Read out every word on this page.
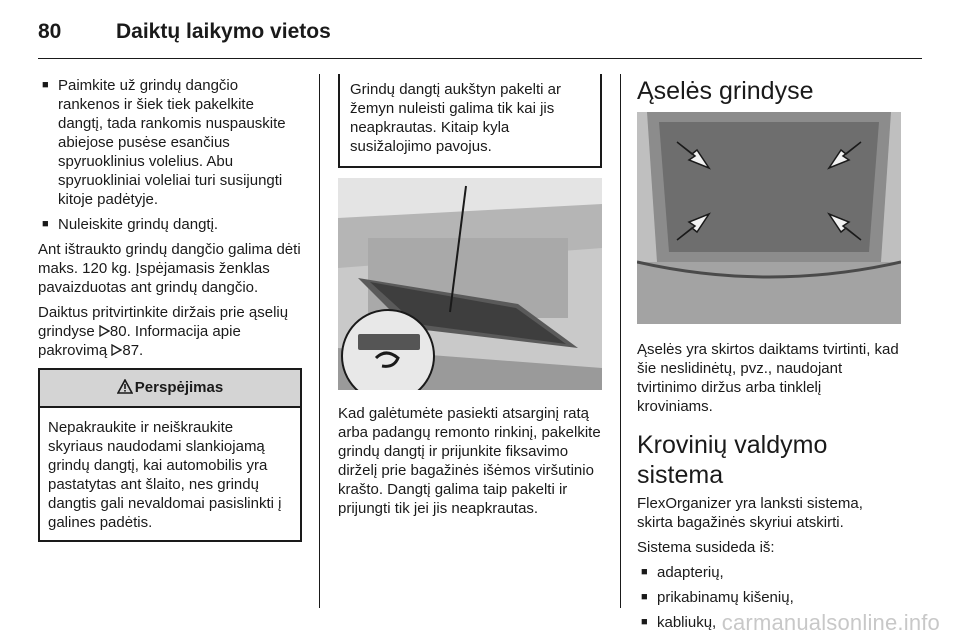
80	Daiktų laikymo vietos
■ Paimkite už grindų dangčio rankenos ir šiek tiek pakelkite dangtį, tada rankomis nuspauskite abiejose pusėse esančius spyruoklinius volelius. Abu spyruokliniai voleliai turi susijungti kitoje padėtyje.
■ Nuleiskite grindų dangtį.

Ant ištraukto grindų dangčio galima dėti maks. 120 kg. Įspėjamasis ženklas pavaizduotas ant grindų dangčio.

Daiktus pritvirtinkite diržais prie ąselių grindyse 80. Informacija apie pakrovimą 87.

Perspėjimas
Nepakraukite ir neiškraukite skyriaus naudodami slankiojamą grindų dangtį, kai automobilis yra pastatytas ant šlaito, nes grindų dangtis gali nevaldomai pasislinkti į galines padėtis.
Grindų dangtį aukštyn pakelti ar žemyn nuleisti galima tik kai jis neapkrautas. Kitaip kyla susižalojimo pavojus.

Kad galėtumėte pasiekti atsarginį ratą arba padangų remonto rinkinį, pakelkite grindų dangtį ir prijunkite fiksavimo dirželį prie bagažinės išėmos viršutinio krašto. Dangtį galima taip pakelti ir prijungti tik jei jis neapkrautas.

Ąselės grindyse

Ąselės yra skirtos daiktams tvirtinti, kad šie neslidinėtų, pvz., naudojant tvirtinimo diržus arba tinklelį kroviniams.

Krovinių valdymo sistema

FlexOrganizer yra lanksti sistema, skirta bagažinės skyriui atskirti.

Sistema susideda iš:

■ adapterių,
■ prikabinamų kišenių,
■ kabliukų, carmanualsonline.info
